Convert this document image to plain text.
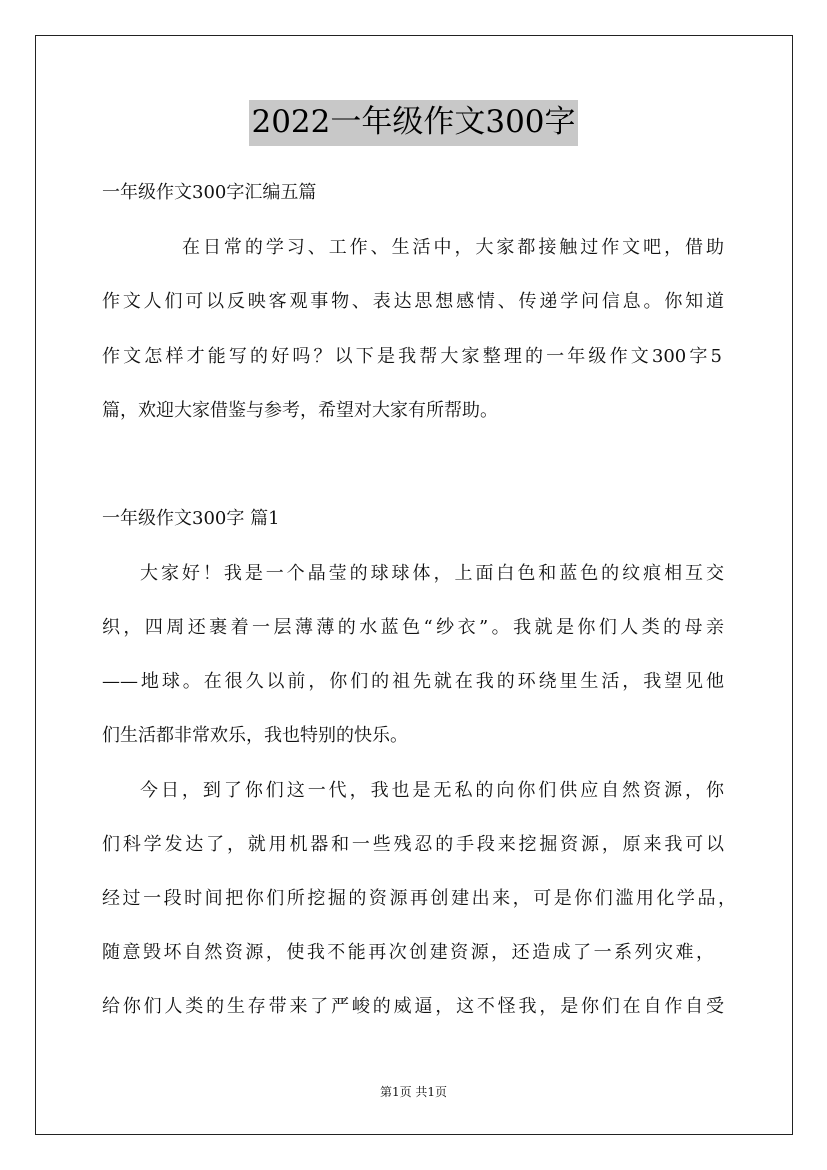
2022一年级作文300字
一年级作文300字汇编五篇
在日常的学习、工作、生活中，大家都接触过作文吧，借助
作文人们可以反映客观事物、表达思想感情、传递学问信息。你知道
作文怎样才能写的好吗？以下是我帮大家整理的一年级作文300字5
篇，欢迎大家借鉴与参考，希望对大家有所帮助。
一年级作文300字 篇1
大家好！我是一个晶莹的球球体，上面白色和蓝色的纹痕相互交
织，四周还裹着一层薄薄的水蓝色“纱衣”。我就是你们人类的母亲
——地球。在很久以前，你们的祖先就在我的环绕里生活，我望见他
们生活都非常欢乐，我也特别的快乐。
今日，到了你们这一代，我也是无私的向你们供应自然资源，你
们科学发达了，就用机器和一些残忍的手段来挖掘资源，原来我可以
经过一段时间把你们所挖掘的资源再创建出来，可是你们滥用化学品，
随意毁坏自然资源，使我不能再次创建资源，还造成了一系列灾难，
给你们人类的生存带来了严峻的威逼，这不怪我，是你们在自作自受
第1页 共1页
